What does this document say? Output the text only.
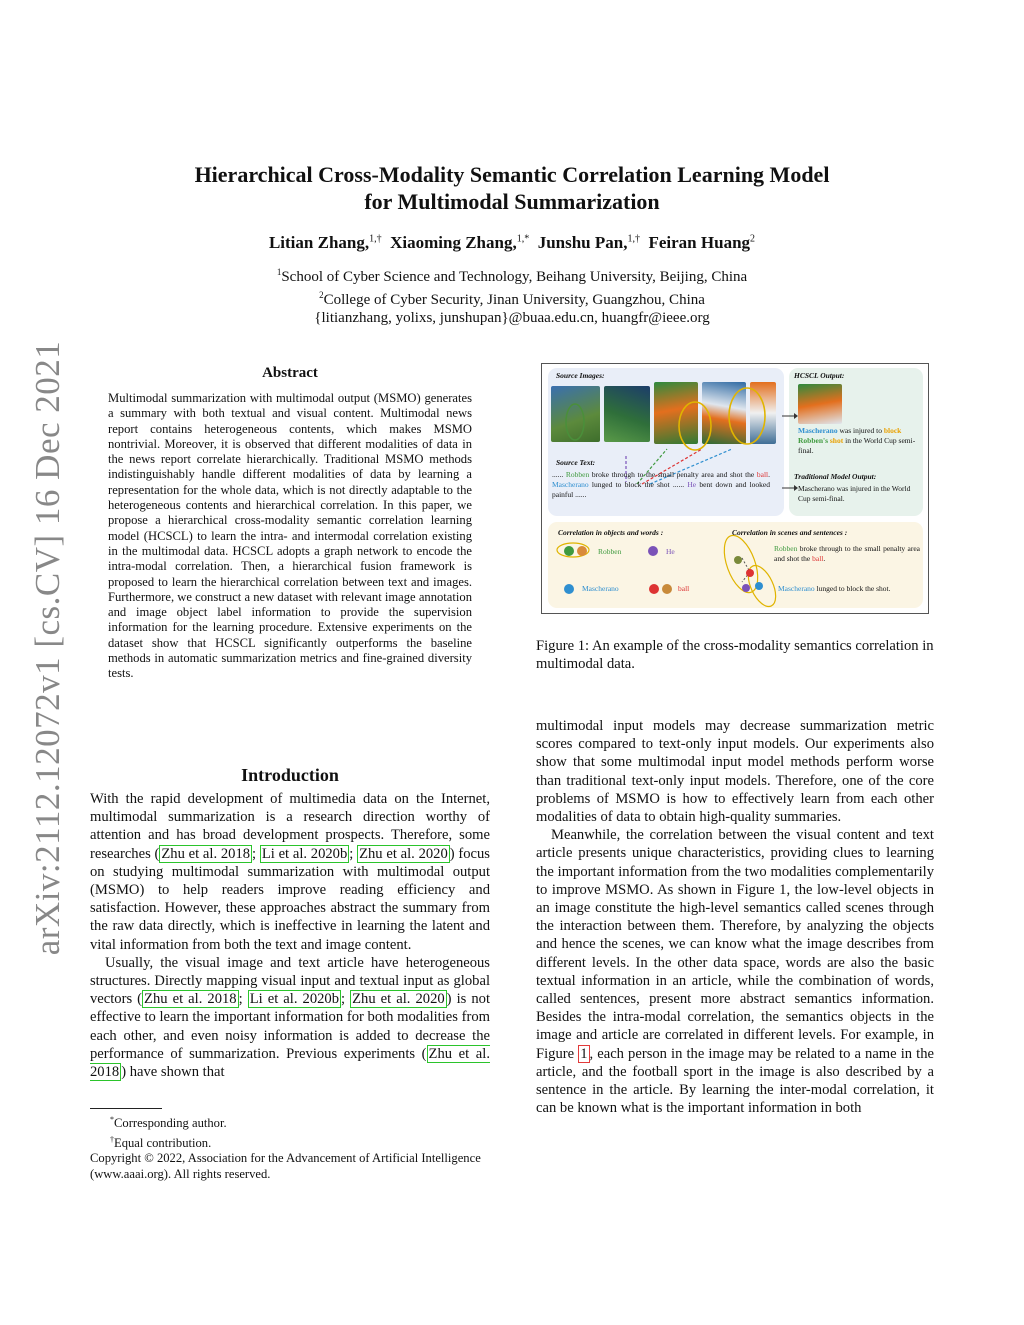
arXiv:2112.12072v1 [cs.CV] 16 Dec 2021
Hierarchical Cross-Modality Semantic Correlation Learning Model
for Multimodal Summarization
Litian Zhang,$^{1,\dagger}$ Xiaoming Zhang,$^{1,*}$ Junshu Pan,$^{1,\dagger}$ Feiran Huang$^2$
$^1$School of Cyber Science and Technology, Beihang University, Beijing, China
$^2$College of Cyber Security, Jinan University, Guangzhou, China
{litianzhang, yolixs, junshupan}@buaa.edu.cn, huangfr@ieee.org
Abstract
Multimodal summarization with multimodal output (MSMO) generates a summary with both textual and visual content. Multimodal news report contains heterogeneous contents, which makes MSMO nontrivial. Moreover, it is observed that different modalities of data in the news report correlate hierarchically. Traditional MSMO methods indistinguishably handle different modalities of data by learning a representation for the whole data, which is not directly adaptable to the heterogeneous contents and hierarchical correlation. In this paper, we propose a hierarchical cross-modality semantic correlation learning model (HCSCL) to learn the intra- and intermodal correlation existing in the multimodal data. HCSCL adopts a graph network to encode the intra-modal correlation. Then, a hierarchical fusion framework is proposed to learn the hierarchical correlation between text and images. Furthermore, we construct a new dataset with relevant image annotation and image object label information to provide the supervision information for the learning procedure. Extensive experiments on the dataset show that HCSCL significantly outperforms the baseline methods in automatic summarization metrics and fine-grained diversity tests.
Introduction

With the rapid development of multimedia data on the Internet, multimodal summarization is a research direction worthy of attention and has broad development prospects. Therefore, some researches ( Zhu et al. 2018 ; Li et al. 2020b ; Zhu et al. 2020 ) focus on studying multimodal summarization with multimodal output (MSMO) to help readers improve reading efficiency and satisfaction. However, these approaches abstract the summary from the raw data directly, which is ineffective in learning the latent and vital information from both the text and image content.

Usually, the visual image and text article have heterogeneous structures. Directly mapping visual input and textual input as global vectors ( Zhu et al. 2018 ; Li et al. 2020b ; Zhu et al. 2020 ) is not effective to learn the important information for both modalities from each other, and even noisy information is added to decrease the performance of summarization. Previous experiments ( Zhu et al. 2018 ) have shown that

*Corresponding author.

†Equal contribution.

Copyright © 2022, Association for the Advancement of Artificial Intelligence (www.aaai.org). All rights reserved.

Source Images:	HCSCL Output:
Mascherano was injured to block Robben's shot in the World Cup semi-final.
Traditional Model Output:
Mascherano was injured in the World Cup semi-final.
Source Text:
...... Robben broke through to the small penalty area and shot the ball. Mascherano lunged to block the shot ...... He bent down and looked painful ......
Correlation in objects and words :	Correlation in scenes and sentences :
Robben	He
Mascherano	ball
Robben broke through to the small penalty area and shot the ball.
Mascherano lunged to block the shot.
Figure 1: An example of the cross-modality semantics correlation in multimodal data.

multimodal input models may decrease summarization metric scores compared to text-only input models. Our experiments also show that some multimodal input model methods perform worse than traditional text-only input models. Therefore, one of the core problems of MSMO is how to effectively learn from each other modalities of data to obtain high-quality summaries.

Meanwhile, the correlation between the visual content and text article presents unique characteristics, providing clues to learning the important information from the two modalities complementarily to improve MSMO. As shown in Figure 1, the low-level objects in an image constitute the high-level semantics called scenes through the interaction between them. Therefore, by analyzing the objects and hence the scenes, we can know what the image describes from different levels. In the other data space, words are also the basic textual information in an article, while the combination of words, called sentences, present more abstract semantics information. Besides the intra-modal correlation, the semantics objects in the image and article are correlated in different levels. For example, in Figure 1 , each person in the image may be related to a name in the article, and the football sport in the image is also described by a sentence in the article. By learning the inter-modal correlation, it can be known what is the important information in both
